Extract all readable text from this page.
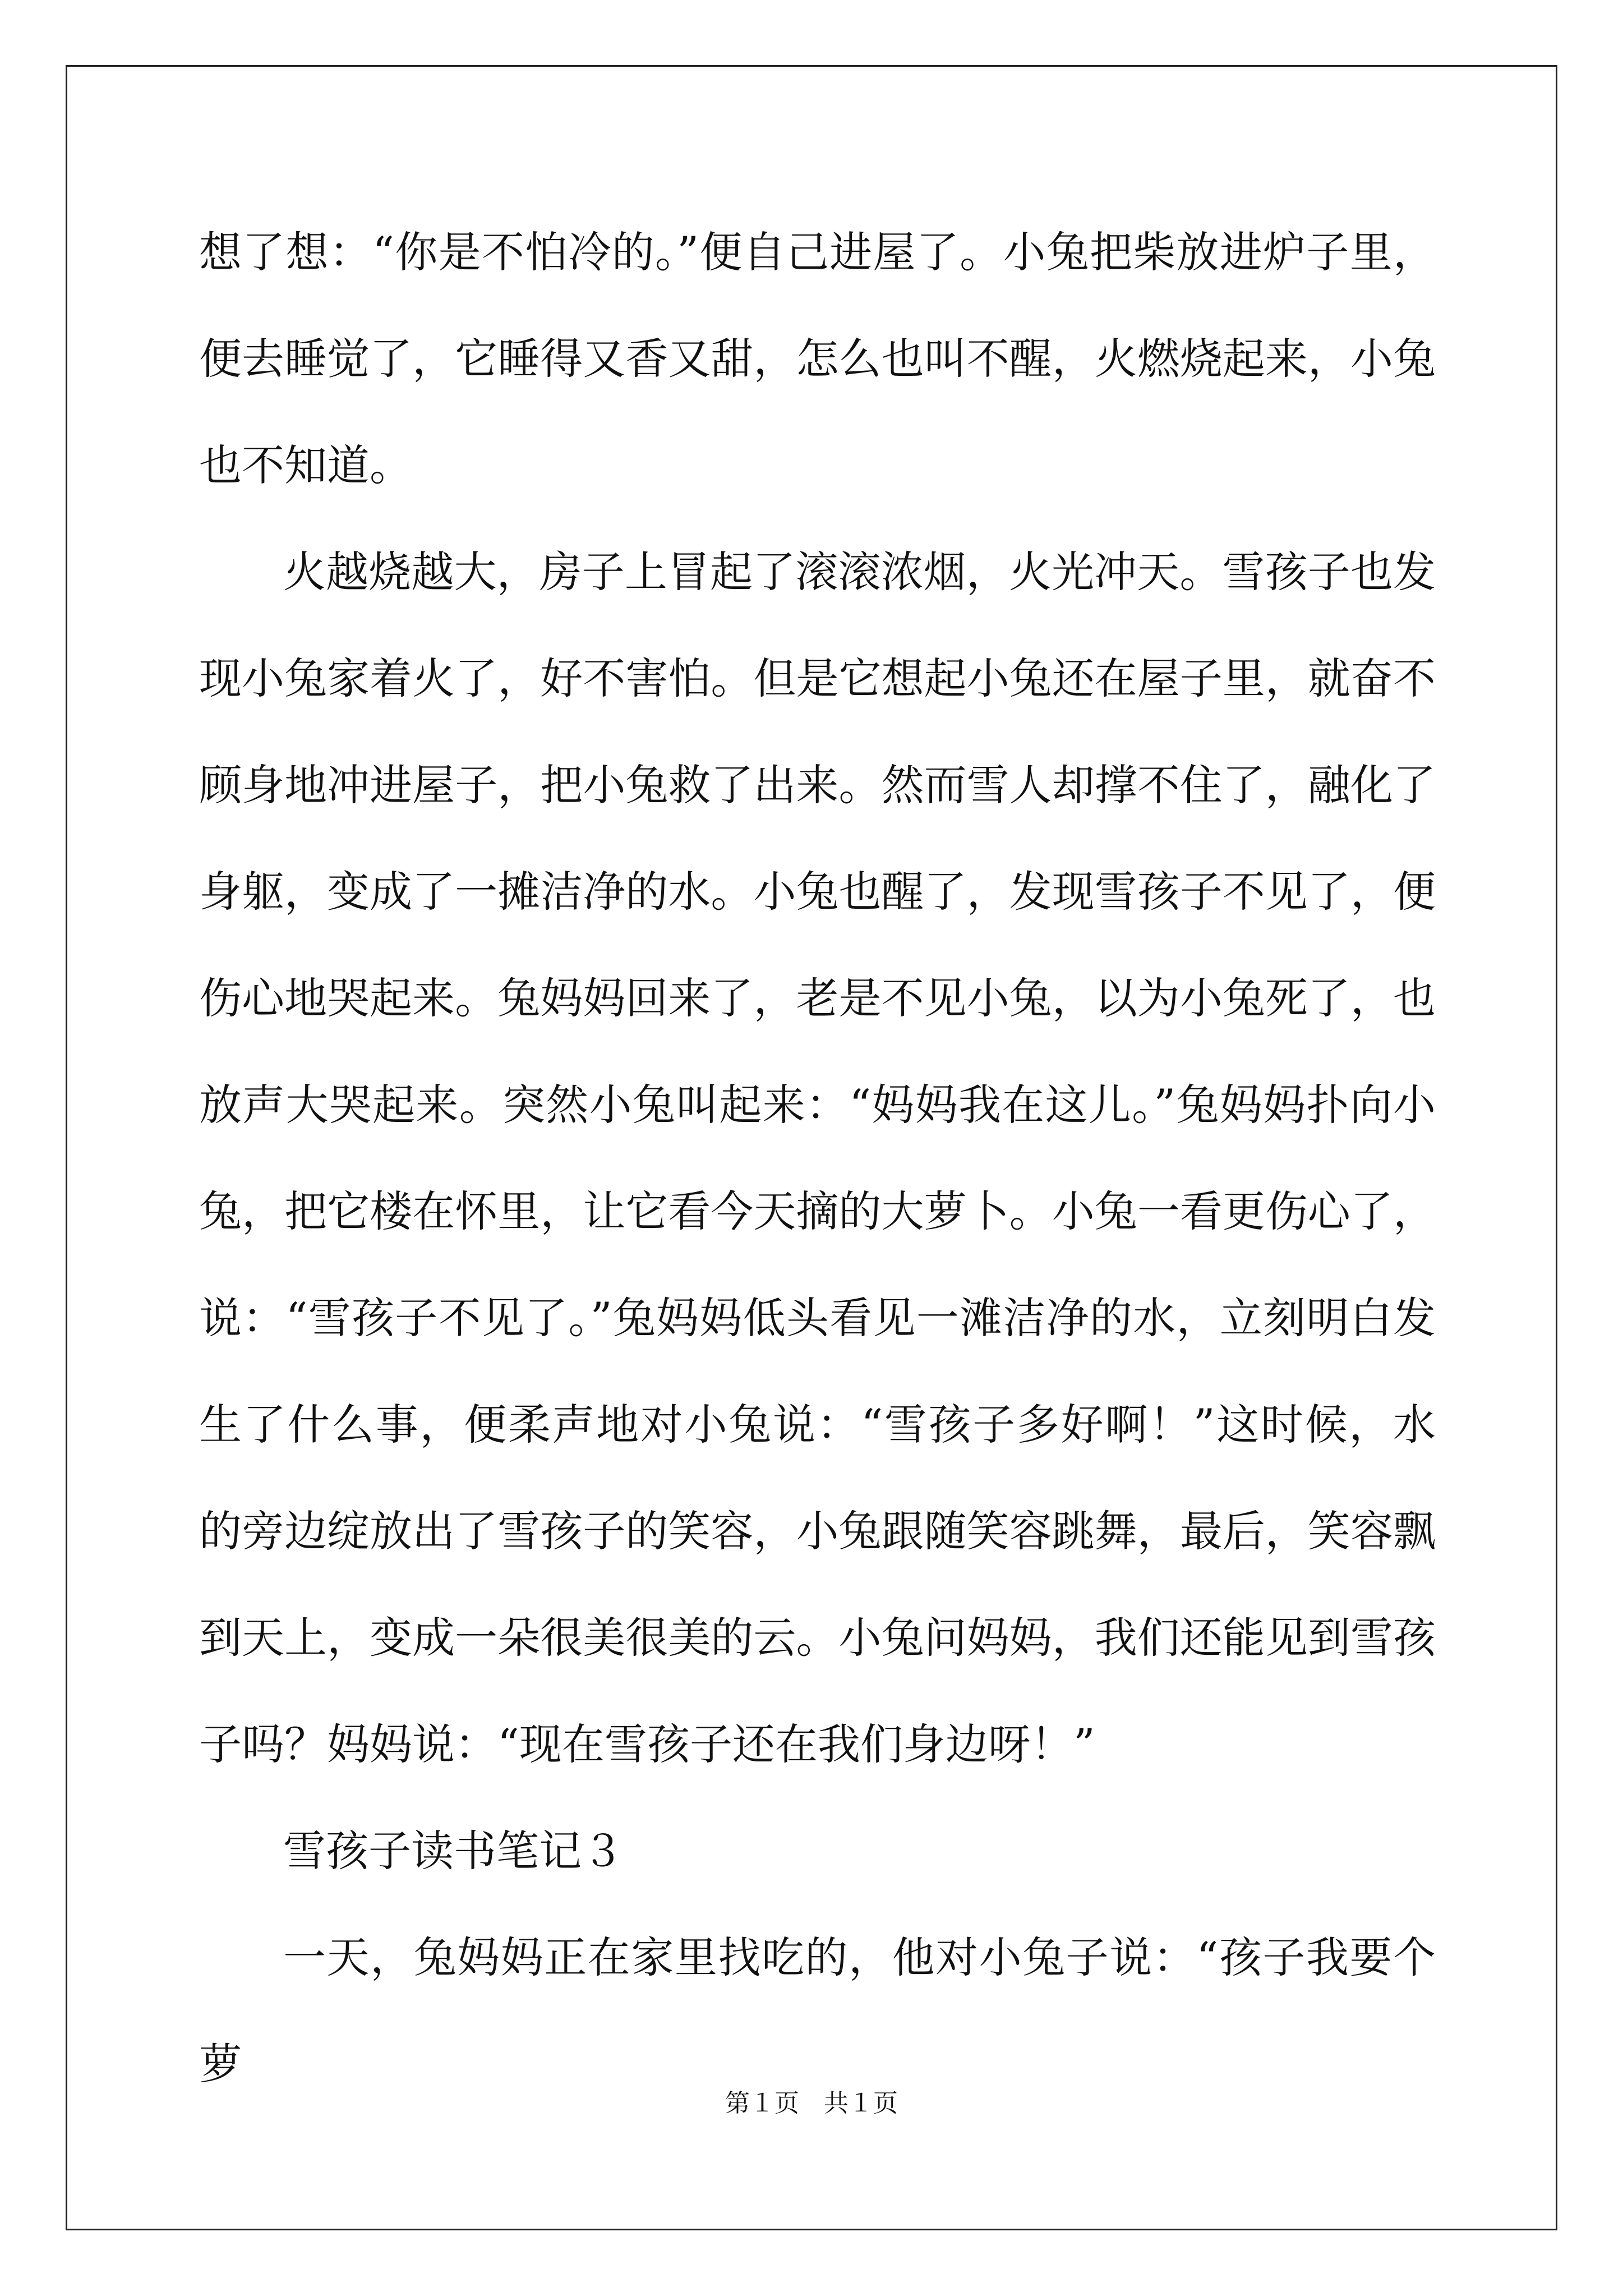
想了想：“你是不怕冷的。”便自己进屋了。小兔把柴放进炉子里，便去睡觉了，它睡得又香又甜，怎么也叫不醒，火燃烧起来，小兔也不知道。

火越烧越大，房子上冒起了滚滚浓烟，火光冲天。雪孩子也发现小兔家着火了，好不害怕。但是它想起小兔还在屋子里，就奋不顾身地冲进屋子，把小兔救了出来。然而雪人却撑不住了，融化了身躯，变成了一摊洁净的水。小兔也醒了，发现雪孩子不见了，便伤心地哭起来。兔妈妈回来了，老是不见小兔，以为小兔死了，也放声大哭起来。突然小兔叫起来：“妈妈我在这儿。”兔妈妈扑向小兔，把它楼在怀里，让它看今天摘的大萝卜。小兔一看更伤心了，说：“雪孩子不见了。”兔妈妈低头看见一滩洁净的水，立刻明白发生了什么事，便柔声地对小兔说：“雪孩子多好啊！”这时候，水的旁边绽放出了雪孩子的笑容，小兔跟随笑容跳舞，最后，笑容飘到天上，变成一朵很美很美的云。小兔问妈妈，我们还能见到雪孩子吗？妈妈说：“现在雪孩子还在我们身边呀！”

雪孩子读书笔记３

一天，兔妈妈正在家里找吃的，他对小兔子说：“孩子我要个萝

第１页 共１页
